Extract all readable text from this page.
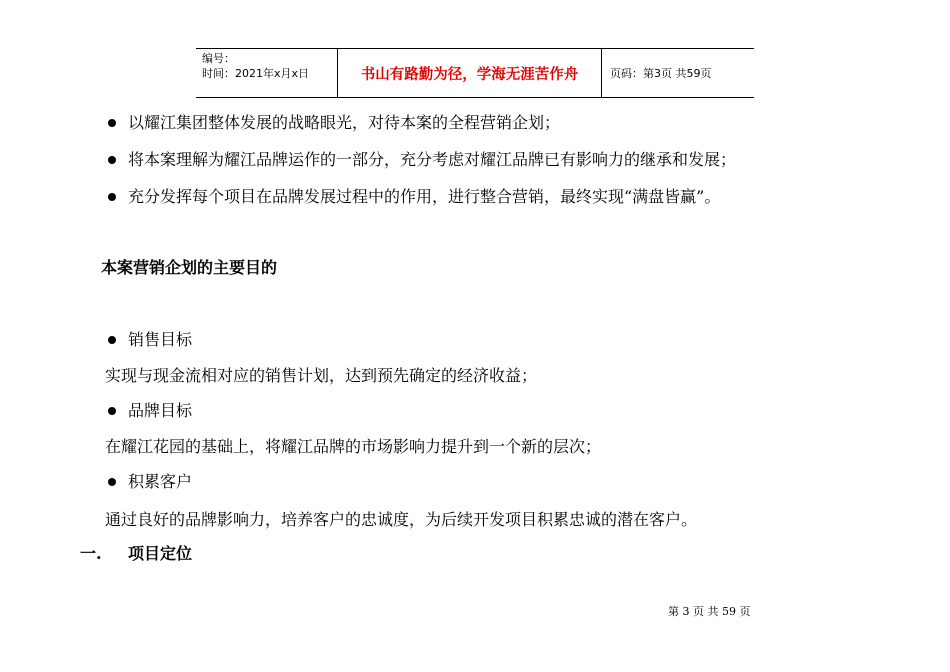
编号：
时间：2021年x月x日	书山有路勤为径，学海无涯苦作舟	页码：第3页 共59页
以耀江集团整体发展的战略眼光，对待本案的全程营销企划；
将本案理解为耀江品牌运作的一部分，充分考虑对耀江品牌已有影响力的继承和发展；
充分发挥每个项目在品牌发展过程中的作用，进行整合营销，最终实现“满盘皆赢”。
本案营销企划的主要目的
销售目标
实现与现金流相对应的销售计划，达到预先确定的经济收益；
品牌目标
在耀江花园的基础上，将耀江品牌的市场影响力提升到一个新的层次；
积累客户
通过良好的品牌影响力，培养客户的忠诚度，为后续开发项目积累忠诚的潜在客户。
一. 项目定位
第 3 页 共 59 页
